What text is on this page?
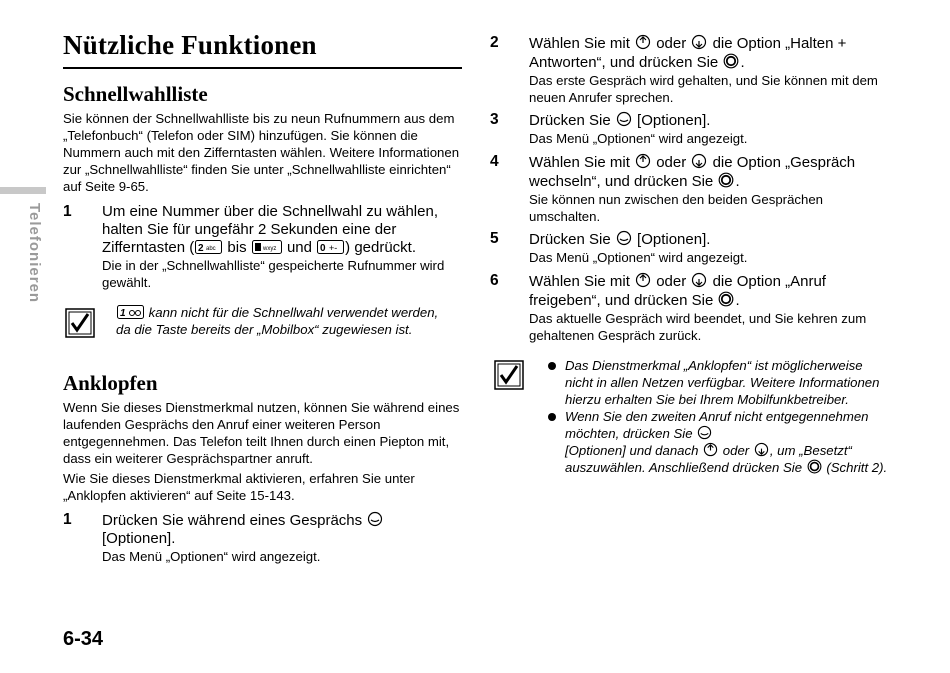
Nützliche Funktionen
Telefonieren
Schnellwahlliste
Sie können der Schnellwahlliste bis zu neun Rufnummern aus dem „Telefonbuch“ (Telefon oder SIM) hinzufügen. Sie können die Nummern auch mit den Zifferntasten wählen. Weitere Informationen zur „Schnellwahlliste“ finden Sie unter „Schnellwahlliste einrichten“ auf Seite 9-65.
1 Um eine Nummer über die Schnellwahl zu wählen, halten Sie für ungefähr 2 Sekunden eine der Zifferntasten ( 2 abc bis wxyz und 0 +- ) gedrückt.
Die in der „Schnellwahlliste“ gespeicherte Rufnummer wird gewählt.
1 kann nicht für die Schnellwahl verwendet werden, da die Taste bereits der „Mobilbox“ zugewiesen ist.
Anklopfen
Wenn Sie dieses Dienstmerkmal nutzen, können Sie während eines laufenden Gesprächs den Anruf einer weiteren Person entgegennehmen. Das Telefon teilt Ihnen durch einen Piepton mit, dass ein weiterer Gesprächspartner anruft.
Wie Sie dieses Dienstmerkmal aktivieren, erfahren Sie unter „Anklopfen aktivieren“ auf Seite 15-143.
1 Drücken Sie während eines Gesprächs
[Optionen].
Das Menü „Optionen“ wird angezeigt.
6-34
2 Wählen Sie mit  oder  die Option „Halten + Antworten“, und drücken Sie .
Das erste Gespräch wird gehalten, und Sie können mit dem neuen Anrufer sprechen.
3 Drücken Sie  [Optionen].
Das Menü „Optionen“ wird angezeigt.
4 Wählen Sie mit  oder  die Option „Gespräch wechseln“, und drücken Sie .
Sie können nun zwischen den beiden Gesprächen umschalten.
5 Drücken Sie  [Optionen].
Das Menü „Optionen“ wird angezeigt.
6 Wählen Sie mit  oder  die Option „Anruf freigeben“, und drücken Sie .
Das aktuelle Gespräch wird beendet, und Sie kehren zum gehaltenen Gespräch zurück.
Das Dienstmerkmal „Anklopfen“ ist möglicherweise nicht in allen Netzen verfügbar. Weitere Informationen hierzu erhalten Sie bei Ihrem Mobilfunkbetreiber.
Wenn Sie den zweiten Anruf nicht entgegennehmen möchten, drücken Sie
[Optionen] und danach  oder , um „Besetzt“ auszuwählen. Anschließend drücken Sie  (Schritt 2).
